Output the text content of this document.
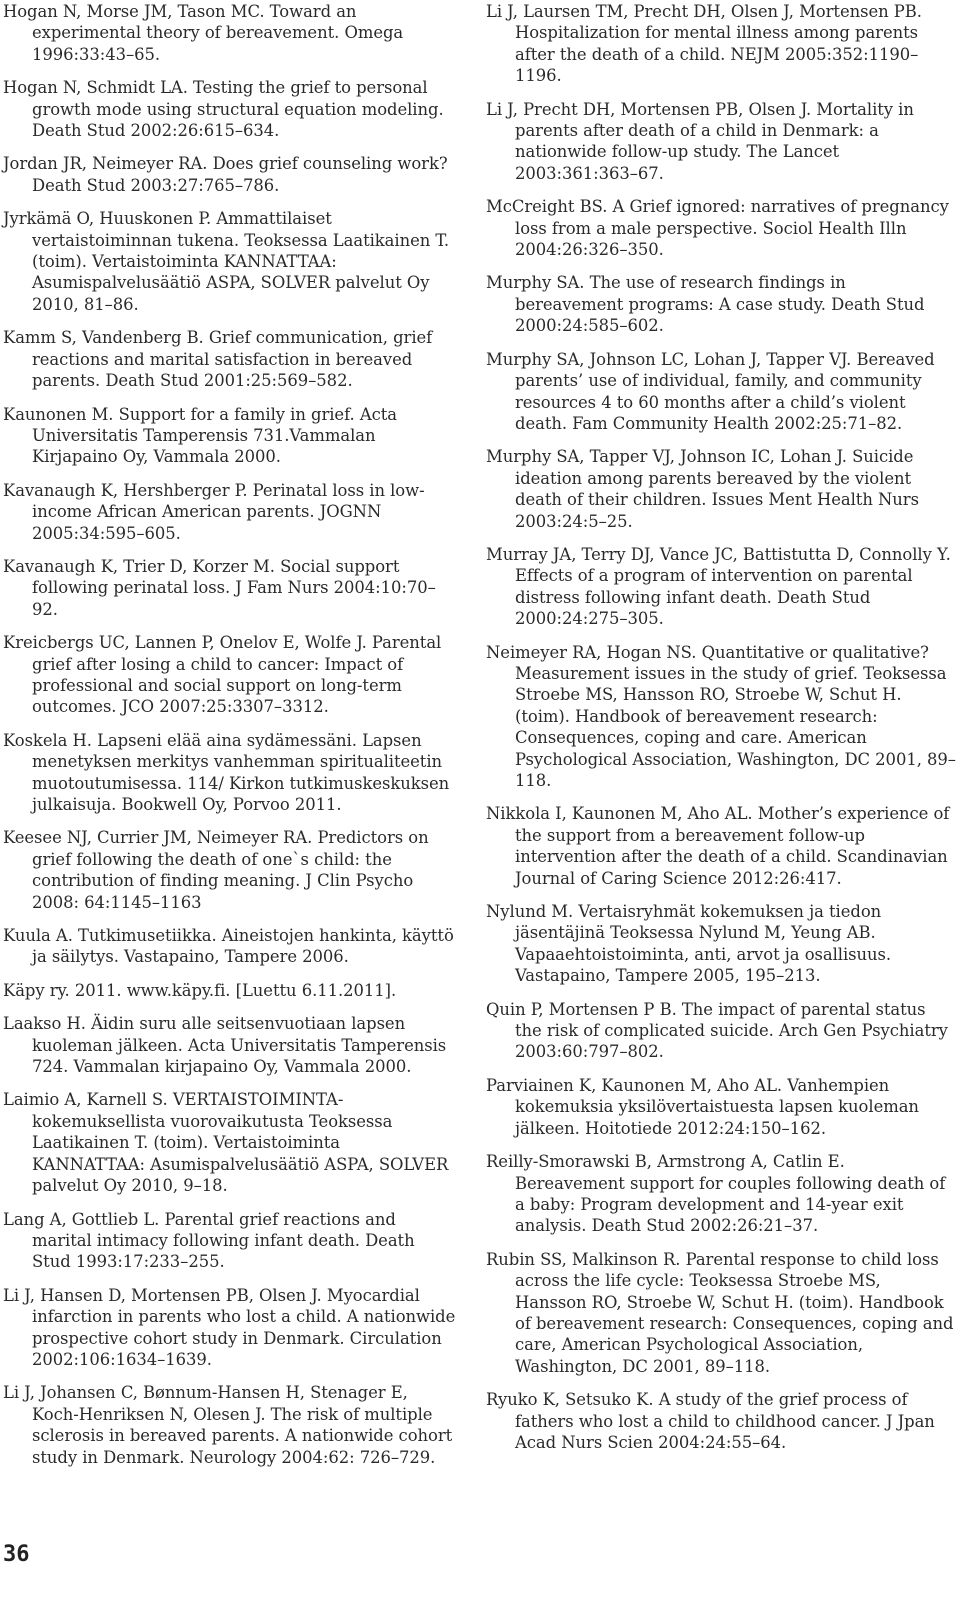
Hogan N, Morse JM, Tason MC. Toward an experimental theory of bereavement. Omega 1996:33:43–65.

Hogan N, Schmidt LA. Testing the grief to personal growth mode using structural equation modeling. Death Stud 2002:26:615–634.

Jordan JR, Neimeyer RA. Does grief counseling work? Death Stud 2003:27:765–786.

Jyrkämä O, Huuskonen P. Ammattilaiset vertaistoiminnan tukena. Teoksessa Laatikainen T. (toim). Vertaistoiminta KANNATTAA: Asumispalvelusäätiö ASPA, SOLVER palvelut Oy 2010, 81–86.

Kamm S, Vandenberg B. Grief communication, grief reactions and marital satisfaction in bereaved parents. Death Stud 2001:25:569–582.

Kaunonen M. Support for a family in grief. Acta Universitatis Tamperensis 731.Vammalan Kirjapaino Oy, Vammala 2000.

Kavanaugh K, Hershberger P. Perinatal loss in low-income African American parents. JOGNN 2005:34:595–605.

Kavanaugh K, Trier D, Korzer M. Social support following perinatal loss. J Fam Nurs 2004:10:70–92.

Kreicbergs UC, Lannen P, Onelov E, Wolfe J. Parental grief after losing a child to cancer: Impact of professional and social support on long-term outcomes. JCO 2007:25:3307–3312.

Koskela H. Lapseni elää aina sydämessäni. Lapsen menetyksen merkitys vanhemman spiritualiteetin muotoutumisessa. 114/ Kirkon tutkimuskeskuksen julkaisuja. Bookwell Oy, Porvoo 2011.

Keesee NJ, Currier JM, Neimeyer RA. Predictors on grief following the death of one`s child: the contribution of finding meaning. J Clin Psycho 2008: 64:1145–1163

Kuula A. Tutkimusetiikka. Aineistojen hankinta, käyttö ja säilytys. Vastapaino, Tampere 2006.

Käpy ry. 2011. www.käpy.fi. [Luettu 6.11.2011].

Laakso H. Äidin suru alle seitsenvuotiaan lapsen kuoleman jälkeen. Acta Universitatis Tamperensis 724. Vammalan kirjapaino Oy, Vammala 2000.

Laimio A, Karnell S. VERTAISTOIMINTA-kokemuksellista vuorovaikutusta Teoksessa Laatikainen T. (toim). Vertaistoiminta KANNATTAA: Asumispalvelusäätiö ASPA, SOLVER palvelut Oy 2010, 9–18.

Lang A, Gottlieb L. Parental grief reactions and marital intimacy following infant death. Death Stud 1993:17:233–255.

Li J, Hansen D, Mortensen PB, Olsen J. Myocardial infarction in parents who lost a child. A nationwide prospective cohort study in Denmark. Circulation 2002:106:1634–1639.

Li J, Johansen C, Bønnum-Hansen H, Stenager E, Koch-Henriksen N, Olesen J. The risk of multiple sclerosis in bereaved parents. A nationwide cohort study in Denmark. Neurology 2004:62: 726–729.

Li J, Laursen TM, Precht DH, Olsen J, Mortensen PB. Hospitalization for mental illness among parents after the death of a child. NEJM 2005:352:1190–1196.

Li J, Precht DH, Mortensen PB, Olsen J. Mortality in parents after death of a child in Denmark: a nationwide follow-up study. The Lancet 2003:361:363–67.

McCreight BS. A Grief ignored: narratives of pregnancy loss from a male perspective. Sociol Health Illn 2004:26:326–350.

Murphy SA. The use of research findings in bereavement programs: A case study. Death Stud 2000:24:585–602.

Murphy SA, Johnson LC, Lohan J, Tapper VJ. Bereaved parents’ use of individual, family, and community resources 4 to 60 months after a child’s violent death. Fam Community Health 2002:25:71–82.

Murphy SA, Tapper VJ, Johnson IC, Lohan J. Suicide ideation among parents bereaved by the violent death of their children. Issues Ment Health Nurs 2003:24:5–25.

Murray JA, Terry DJ, Vance JC, Battistutta D, Connolly Y. Effects of a program of intervention on parental distress following infant death. Death Stud 2000:24:275–305.

Neimeyer RA, Hogan NS. Quantitative or qualitative? Measurement issues in the study of grief. Teoksessa Stroebe MS, Hansson RO, Stroebe W, Schut H. (toim). Handbook of bereavement research: Consequences, coping and care. American Psychological Association, Washington, DC 2001, 89–118.

Nikkola I, Kaunonen M, Aho AL. Mother’s experience of the support from a bereavement follow-up intervention after the death of a child. Scandinavian Journal of Caring Science 2012:26:417.

Nylund M. Vertaisryhmät kokemuksen ja tiedon jäsentäjinä Teoksessa Nylund M, Yeung AB. Vapaaehtoistoiminta, anti, arvot ja osallisuus. Vastapaino, Tampere 2005, 195–213.

Quin P, Mortensen P B. The impact of parental status the risk of complicated suicide. Arch Gen Psychiatry 2003:60:797–802.

Parviainen K, Kaunonen M, Aho AL. Vanhempien kokemuksia yksilövertaistuesta lapsen kuoleman jälkeen. Hoitotiede 2012:24:150–162.

Reilly-Smorawski B, Armstrong A, Catlin E. Bereavement support for couples following death of a baby: Program development and 14-year exit analysis. Death Stud 2002:26:21–37.

Rubin SS, Malkinson R. Parental response to child loss across the life cycle: Teoksessa Stroebe MS, Hansson RO, Stroebe W, Schut H. (toim). Handbook of bereavement research: Consequences, coping and care, American Psychological Association, Washington, DC 2001, 89–118.

Ryuko K, Setsuko K. A study of the grief process of fathers who lost a child to childhood cancer. J Jpan Acad Nurs Scien 2004:24:55–64.

36
